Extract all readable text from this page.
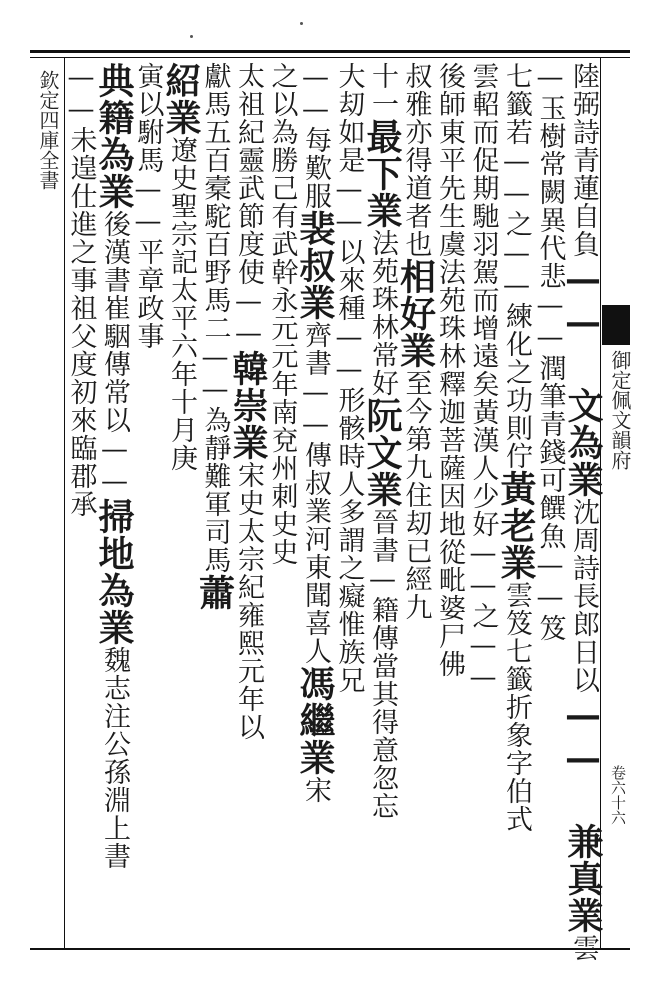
欽定四庫全書
御定佩文韻府
卷六十六
陸弼詩青蓮自負—— 文為業沈周詩長郎日以—— 兼真業雲
—玉樹常闕異代悲——潤筆青錢可饌魚——笈
七籤若——之——練化之功則佇黃老業雲笈七籤折象字伯式
雲軺而促期馳羽駕而增遠矣黃漢人少好——之——
後師東平先生虞法苑珠林釋迦菩薩因地從毗婆尸佛
叔雅亦得道者也相好業至今第九住刧已經九
十一最下業法苑珠林常好阮文業晉書—籍傳當其得意忽忘
大刧如是——以來種——形骸時人多謂之癡惟族兄
——每歎服裴叔業齊書——傳叔業河東聞喜人馮繼業宋
之以為勝己有武幹永元元年南兗州刺史史
太祖紀靈武節度使——韓崇業宋史太宗紀雍熙元年以
獻馬五百槖駝百野馬二——為靜難軍司馬蕭
紹業遼史聖宗記太平六年十月庚
寅以駙馬——平章政事
典籍為業後漢書崔駰傳常以——掃地為業魏志注公孫淵上書
——未遑仕進之事祖父度初來臨郡承
